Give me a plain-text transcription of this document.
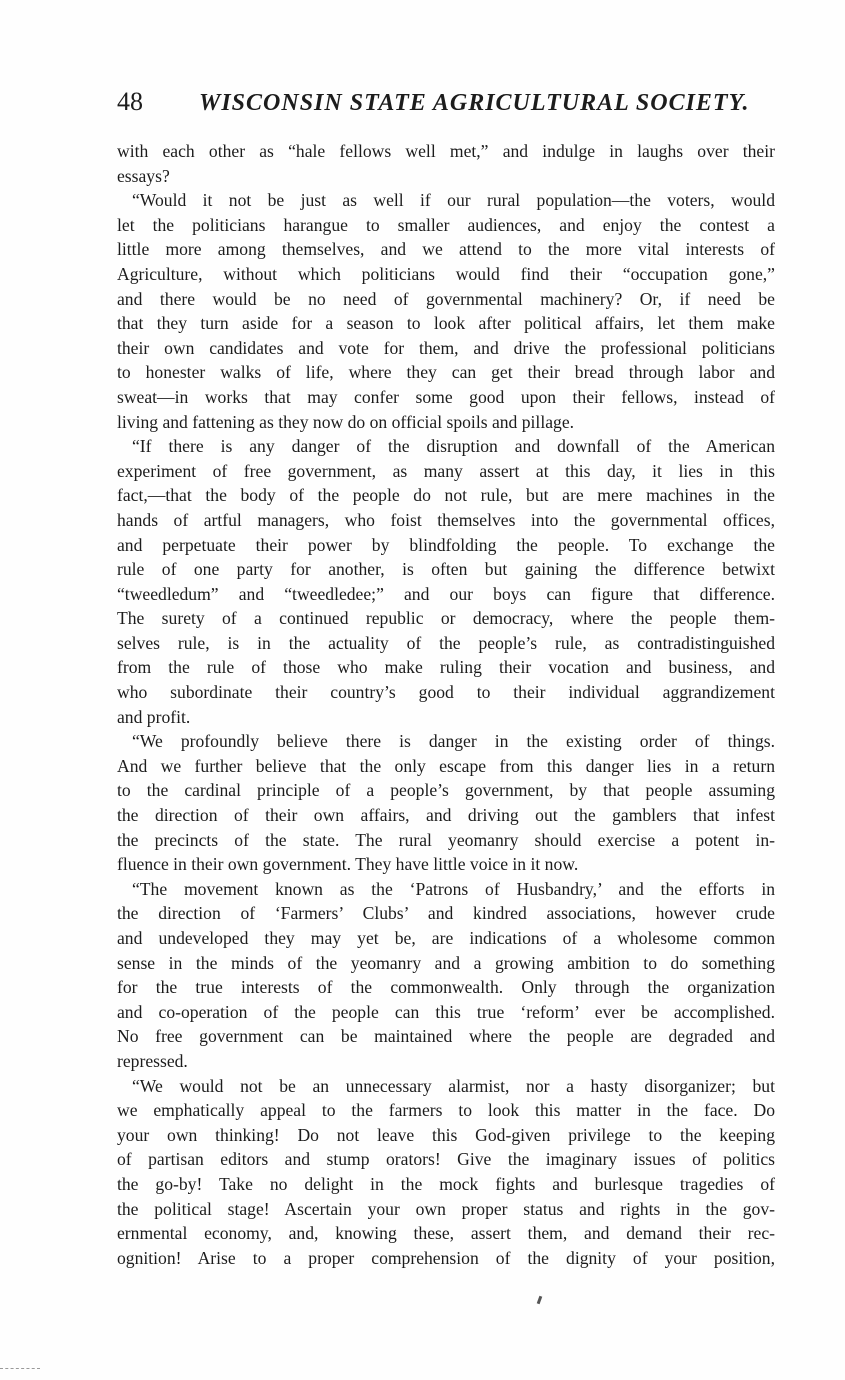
48 WISCONSIN STATE AGRICULTURAL SOCIETY.
with each other as “hale fellows well met,” and indulge in laughs over their
essays?
“Would it not be just as well if our rural population—the voters, would
let the politicians harangue to smaller audiences, and enjoy the contest a
little more among themselves, and we attend to the more vital interests of
Agriculture, without which politicians would find their “occupation gone,”
and there would be no need of governmental machinery? Or, if need be
that they turn aside for a season to look after political affairs, let them make
their own candidates and vote for them, and drive the professional politicians
to honester walks of life, where they can get their bread through labor and
sweat—in works that may confer some good upon their fellows, instead of
living and fattening as they now do on official spoils and pillage.
“If there is any danger of the disruption and downfall of the American
experiment of free government, as many assert at this day, it lies in this
fact,—that the body of the people do not rule, but are mere machines in the
hands of artful managers, who foist themselves into the governmental offices,
and perpetuate their power by blindfolding the people. To exchange the
rule of one party for another, is often but gaining the difference betwixt
“tweedledum” and “tweedledee;” and our boys can figure that difference.
The surety of a continued republic or democracy, where the people them-
selves rule, is in the actuality of the people’s rule, as contradistinguished
from the rule of those who make ruling their vocation and business, and
who subordinate their country’s good to their individual aggrandizement
and profit.
“We profoundly believe there is danger in the existing order of things.
And we further believe that the only escape from this danger lies in a return
to the cardinal principle of a people’s government, by that people assuming
the direction of their own affairs, and driving out the gamblers that infest
the precincts of the state. The rural yeomanry should exercise a potent in-
fluence in their own government. They have little voice in it now.
“The movement known as the ‘Patrons of Husbandry,’ and the efforts in
the direction of ‘Farmers’ Clubs’ and kindred associations, however crude
and undeveloped they may yet be, are indications of a wholesome common
sense in the minds of the yeomanry and a growing ambition to do something
for the true interests of the commonwealth. Only through the organization
and co-operation of the people can this true ‘reform’ ever be accomplished.
No free government can be maintained where the people are degraded and
repressed.
“We would not be an unnecessary alarmist, nor a hasty disorganizer; but
we emphatically appeal to the farmers to look this matter in the face. Do
your own thinking! Do not leave this God-given privilege to the keeping
of partisan editors and stump orators! Give the imaginary issues of politics
the go-by! Take no delight in the mock fights and burlesque tragedies of
the political stage! Ascertain your own proper status and rights in the gov-
ernmental economy, and, knowing these, assert them, and demand their rec-
ognition! Arise to a proper comprehension of the dignity of your position,
